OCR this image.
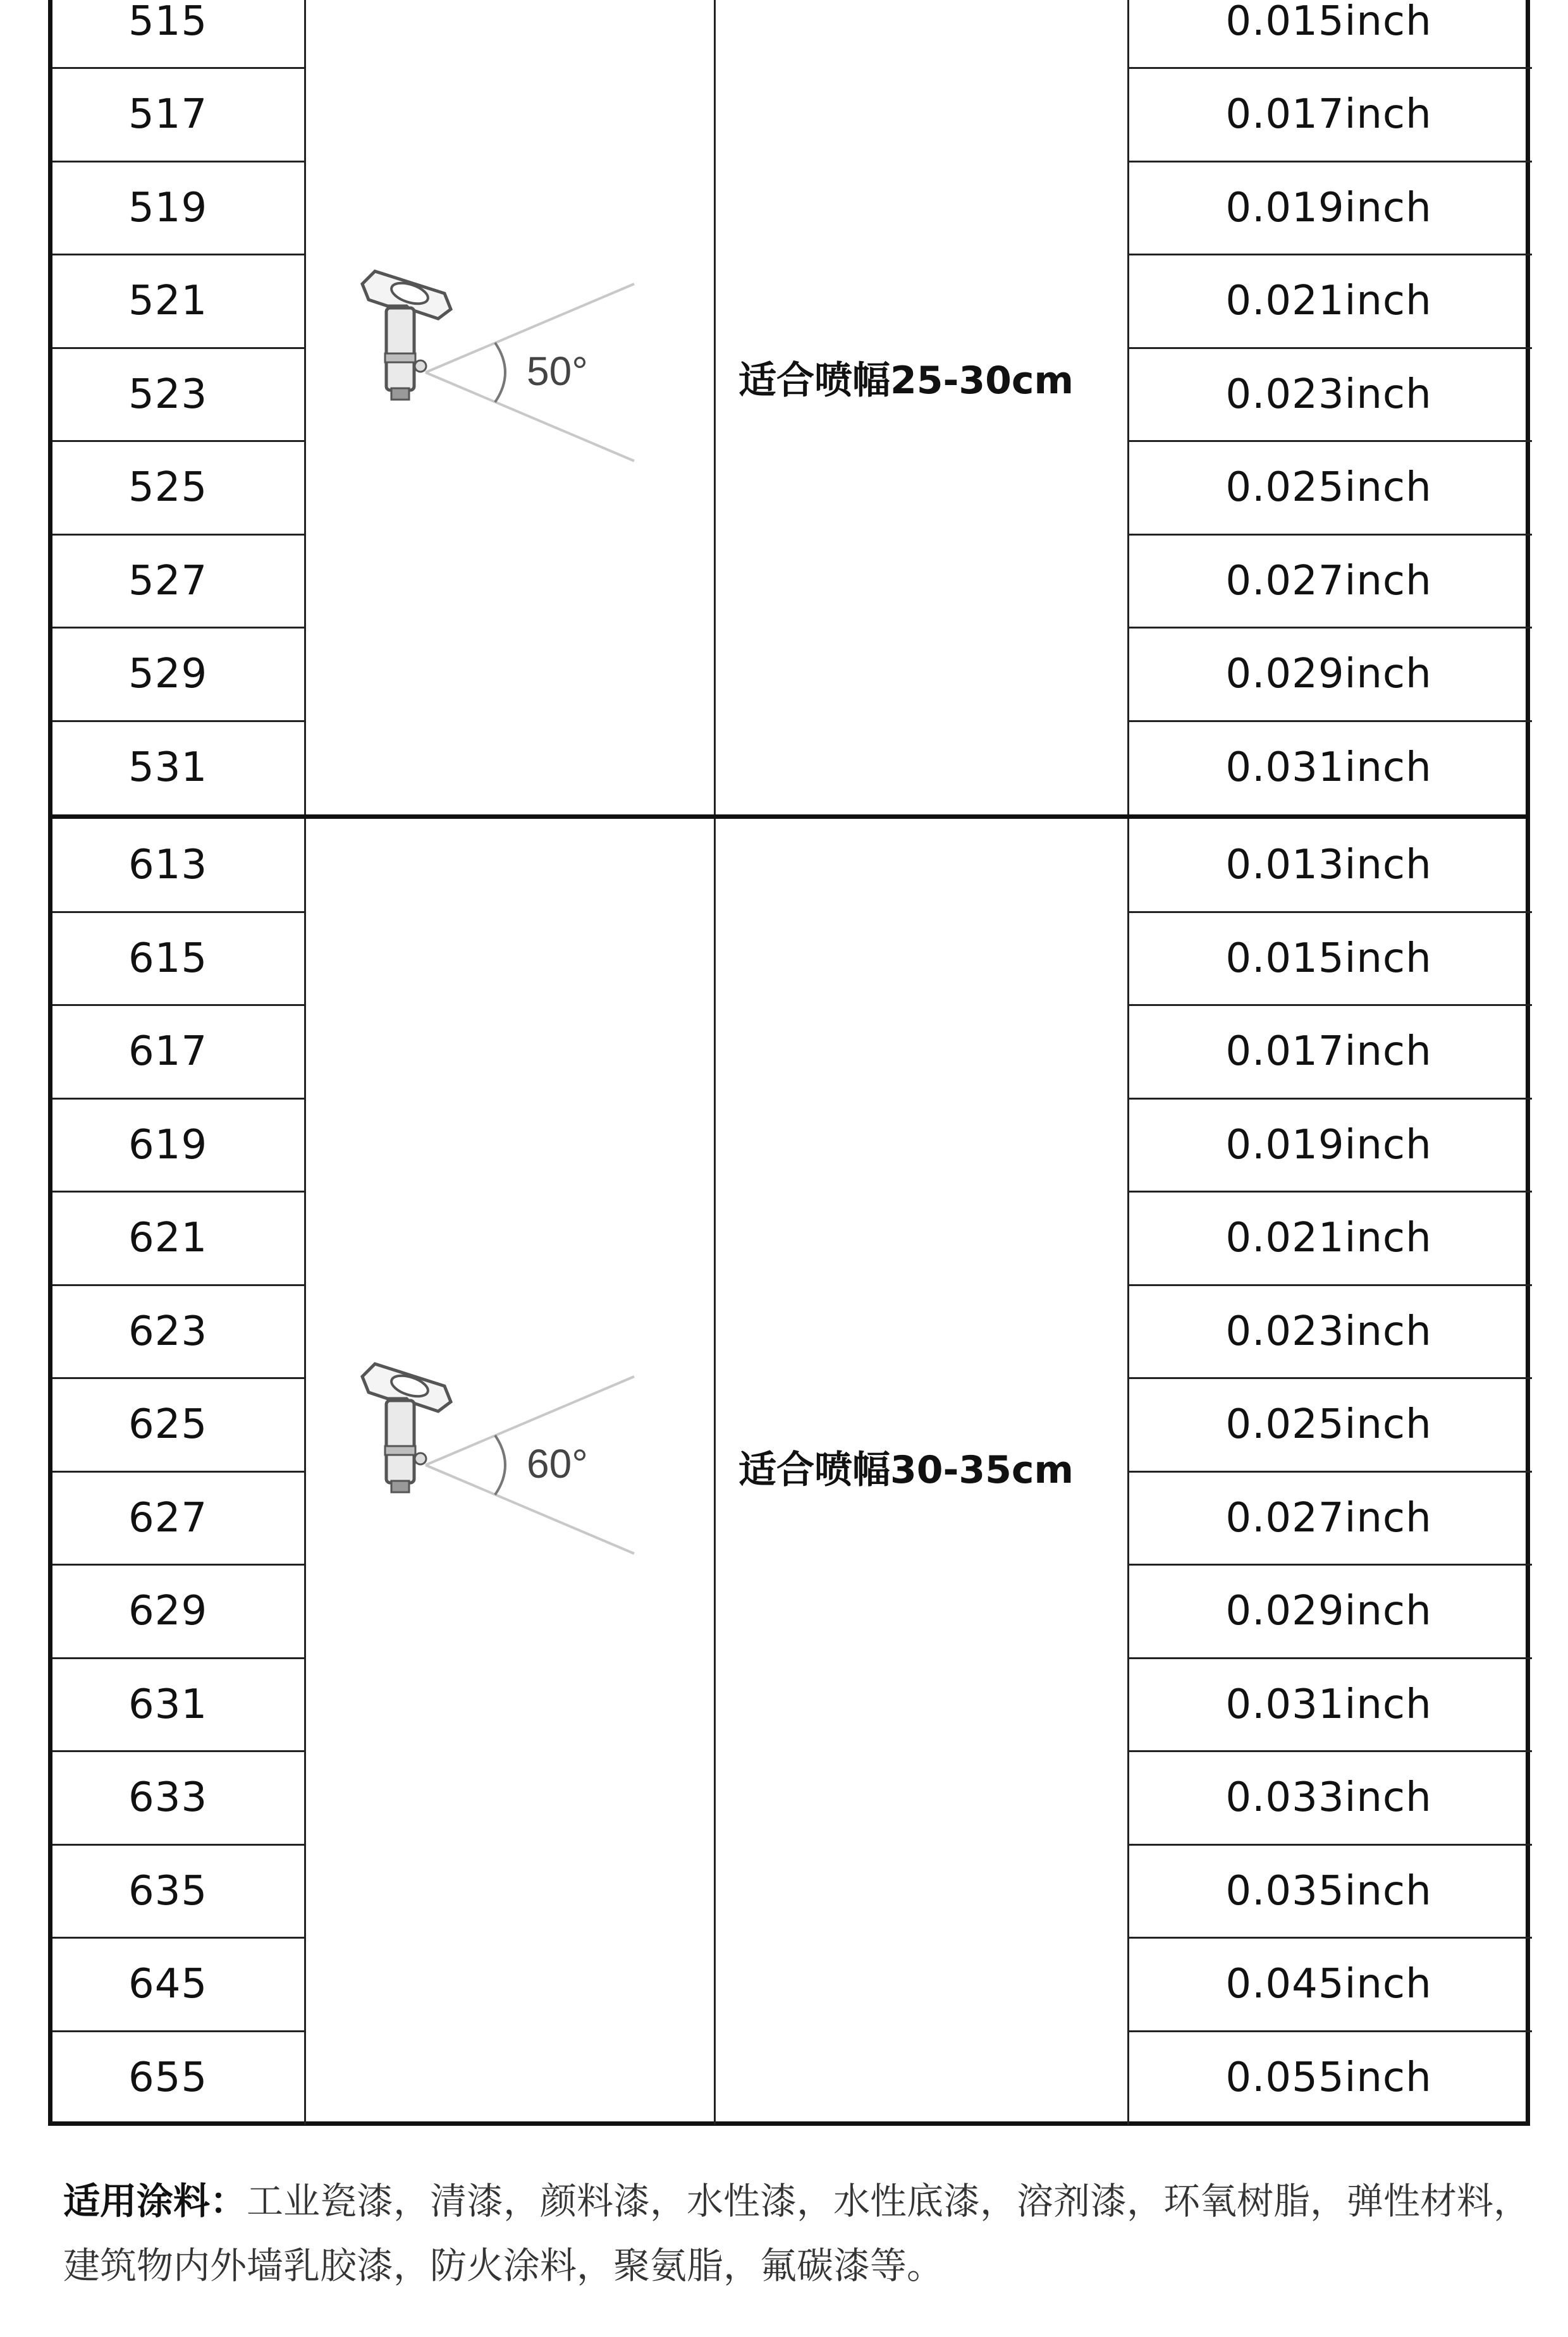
515	0.015inch
517	0.017inch
519	0.019inch
521	0.021inch
523	0.023inch
525	0.025inch
527	0.027inch
529	0.029inch
531	0.031inch
50°	适合喷幅25-30cm
613	0.013inch
615	0.015inch
617	0.017inch
619	0.019inch
621	0.021inch
623	0.023inch
625	0.025inch
627	0.027inch
629	0.029inch
631	0.031inch
633	0.033inch
635	0.035inch
645	0.045inch
655	0.055inch
60°	适合喷幅30-35cm
适用涂料：工业瓷漆，清漆，颜料漆，水性漆，水性底漆，溶剂漆，环氧树脂，弹性材料，建筑物内外墙乳胶漆，防火涂料，聚氨脂，氟碳漆等。
